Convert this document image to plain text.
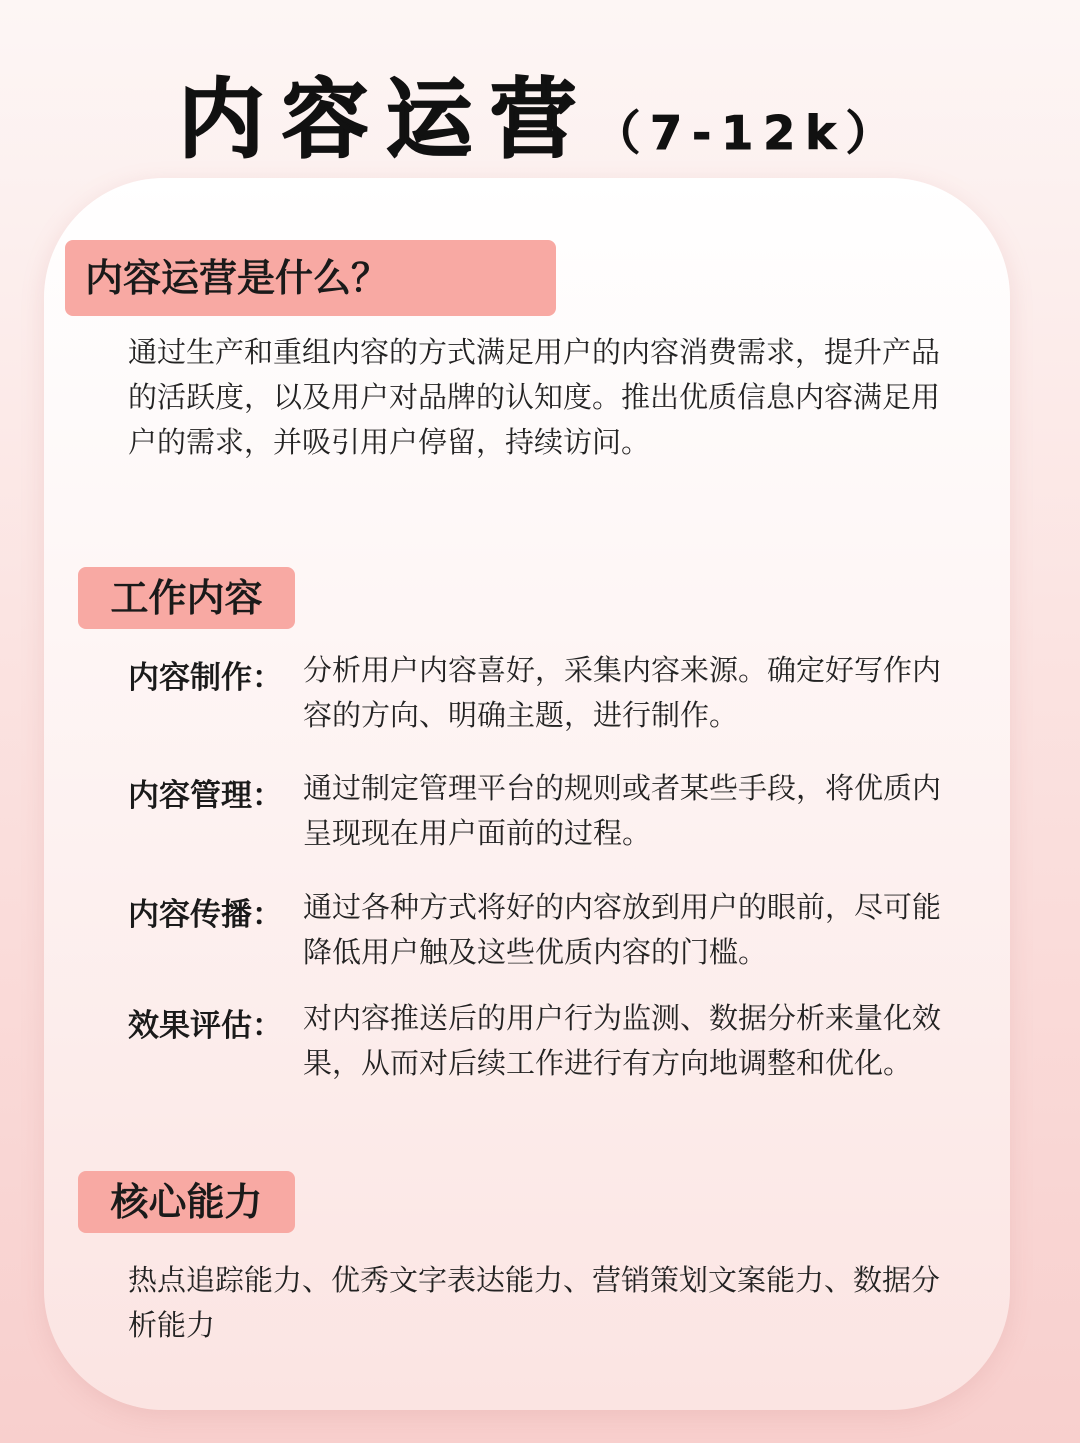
内容运营（7-12k）
内容运营是什么？
通过生产和重组内容的方式满足用户的内容消费需求，提升产品的活跃度，以及用户对品牌的认知度。推出优质信息内容满足用户的需求，并吸引用户停留，持续访问。
工作内容
内容制作： 分析用户内容喜好，采集内容来源。确定好写作内容的方向、明确主题，进行制作。
内容管理： 通过制定管理平台的规则或者某些手段，将优质内呈现现在用户面前的过程。
内容传播： 通过各种方式将好的内容放到用户的眼前，尽可能降低用户触及这些优质内容的门槛。
效果评估： 对内容推送后的用户行为监测、数据分析来量化效果，从而对后续工作进行有方向地调整和优化。
核心能力
热点追踪能力、优秀文字表达能力、营销策划文案能力、数据分析能力
